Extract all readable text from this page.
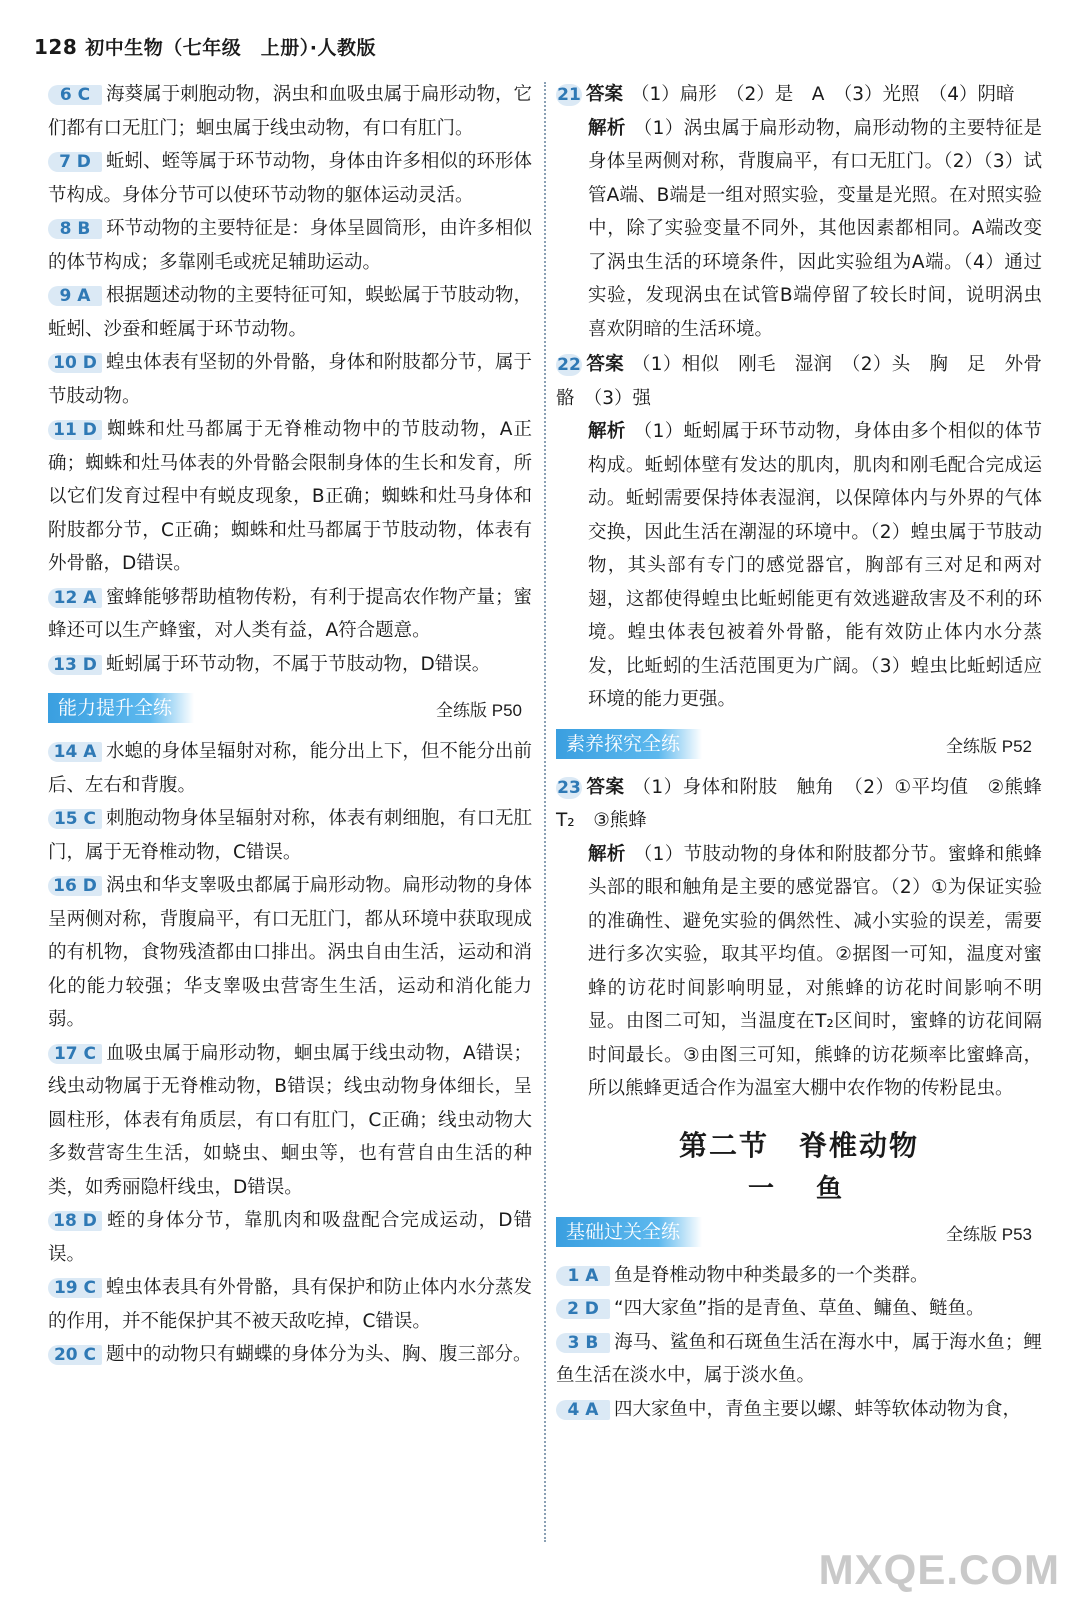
128 初中生物（七年级　上册）·人教版
6 C 海葵属于刺胞动物，涡虫和血吸虫属于扁形动物，它们都有口无肛门；蛔虫属于线虫动物，有口有肛门。
7 D 蚯蚓、蛭等属于环节动物，身体由许多相似的环形体节构成。身体分节可以使环节动物的躯体运动灵活。
8 B 环节动物的主要特征是：身体呈圆筒形，由许多相似的体节构成；多靠刚毛或疣足辅助运动。
9 A 根据题述动物的主要特征可知，蜈蚣属于节肢动物，蚯蚓、沙蚕和蛭属于环节动物。
10 D 蝗虫体表有坚韧的外骨骼，身体和附肢都分节，属于节肢动物。
11 D 蜘蛛和灶马都属于无脊椎动物中的节肢动物，A正确；蜘蛛和灶马体表的外骨骼会限制身体的生长和发育，所以它们发育过程中有蜕皮现象，B正确；蜘蛛和灶马身体和附肢都分节，C正确；蜘蛛和灶马都属于节肢动物，体表有外骨骼，D错误。
12 A 蜜蜂能够帮助植物传粉，有利于提高农作物产量；蜜蜂还可以生产蜂蜜，对人类有益，A符合题意。
13 D 蚯蚓属于环节动物，不属于节肢动物，D错误。
能力提升全练	全练版 P50
14 A 水螅的身体呈辐射对称，能分出上下，但不能分出前后、左右和背腹。
15 C 刺胞动物身体呈辐射对称，体表有刺细胞，有口无肛门，属于无脊椎动物，C错误。
16 D 涡虫和华支睾吸虫都属于扁形动物。扁形动物的身体呈两侧对称，背腹扁平，有口无肛门，都从环境中获取现成的有机物，食物残渣都由口排出。涡虫自由生活，运动和消化的能力较强；华支睾吸虫营寄生生活，运动和消化能力弱。
17 C 血吸虫属于扁形动物，蛔虫属于线虫动物，A错误；线虫动物属于无脊椎动物，B错误；线虫动物身体细长，呈圆柱形，体表有角质层，有口有肛门，C正确；线虫动物大多数营寄生生活，如蛲虫、蛔虫等，也有营自由生活的种类，如秀丽隐杆线虫，D错误。
18 D 蛭的身体分节，靠肌肉和吸盘配合完成运动，D错误。
19 C 蝗虫体表具有外骨骼，具有保护和防止体内水分蒸发的作用，并不能保护其不被天敌吃掉，C错误。
20 C 题中的动物只有蝴蝶的身体分为头、胸、腹三部分。
21 答案 （1）扁形　（2）是　A　（3）光照　（4）阴暗
解析 （1）涡虫属于扁形动物，扁形动物的主要特征是身体呈两侧对称，背腹扁平，有口无肛门。（2）（3）试管A端、B端是一组对照实验，变量是光照。在对照实验中，除了实验变量不同外，其他因素都相同。A端改变了涡虫生活的环境条件，因此实验组为A端。（4）通过实验，发现涡虫在试管B端停留了较长时间，说明涡虫喜欢阴暗的生活环境。
22 答案 （1）相似　刚毛　湿润　（2）头　胸　足　外骨骼　（3）强
解析 （1）蚯蚓属于环节动物，身体由多个相似的体节构成。蚯蚓体壁有发达的肌肉，肌肉和刚毛配合完成运动。蚯蚓需要保持体表湿润，以保障体内与外界的气体交换，因此生活在潮湿的环境中。（2）蝗虫属于节肢动物，其头部有专门的感觉器官，胸部有三对足和两对翅，这都使得蝗虫比蚯蚓能更有效逃避敌害及不利的环境。蝗虫体表包被着外骨骼，能有效防止体内水分蒸发，比蚯蚓的生活范围更为广阔。（3）蝗虫比蚯蚓适应环境的能力更强。
素养探究全练	全练版 P52
23 答案 （1）身体和附肢　触角　（2）①平均值　②熊蜂　T₂　③熊蜂
解析 （1）节肢动物的身体和附肢都分节。蜜蜂和熊蜂头部的眼和触角是主要的感觉器官。（2）①为保证实验的准确性、避免实验的偶然性、减小实验的误差，需要进行多次实验，取其平均值。②据图一可知，温度对蜜蜂的访花时间影响明显，对熊蜂的访花时间影响不明显。由图二可知，当温度在T₂区间时，蜜蜂的访花间隔时间最长。③由图三可知，熊蜂的访花频率比蜜蜂高，所以熊蜂更适合作为温室大棚中农作物的传粉昆虫。
第二节　脊椎动物
一　鱼
基础过关全练	全练版 P53
1 A 鱼是脊椎动物中种类最多的一个类群。
2 D “四大家鱼”指的是青鱼、草鱼、鳙鱼、鲢鱼。
3 B 海马、鲨鱼和石斑鱼生活在海水中，属于海水鱼；鲤鱼生活在淡水中，属于淡水鱼。
4 A 四大家鱼中，青鱼主要以螺、蚌等软体动物为食，
MXQE.COM
